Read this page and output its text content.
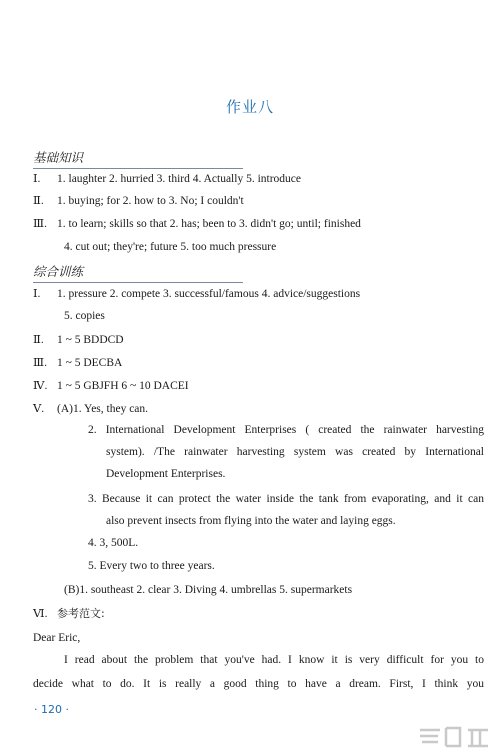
作业八
基础知识
Ⅰ. 1. laughter 2. hurried 3. third 4. Actually 5. introduce
Ⅱ. 1. buying; for 2. how to 3. No; I couldn't
Ⅲ. 1. to learn; skills so that 2. has; been to 3. didn't go; until; finished
4. cut out; they're; future 5. too much pressure
综合训练
Ⅰ. 1. pressure 2. compete 3. successful/famous 4. advice/suggestions
5. copies
Ⅱ. 1 ~ 5 BDDCD
Ⅲ. 1 ~ 5 DECBA
Ⅳ. 1 ~ 5 GBJFH 6 ~ 10 DACEI
Ⅴ. (A)1. Yes, they can.
2. International Development Enterprises ( created the rainwater harvesting
system). /The rainwater harvesting system was created by International
Development Enterprises.
3. Because it can protect the water inside the tank from evaporating, and it can
also prevent insects from flying into the water and laying eggs.
4. 3, 500L.
5. Every two to three years.
(B)1. southeast 2. clear 3. Diving 4. umbrellas 5. supermarkets
Ⅵ. 参考范文:
Dear Eric,
I read about the problem that you've had. I know it is very difficult for you to
decide what to do. It is really a good thing to have a dream. First, I think you
· 120 ·
